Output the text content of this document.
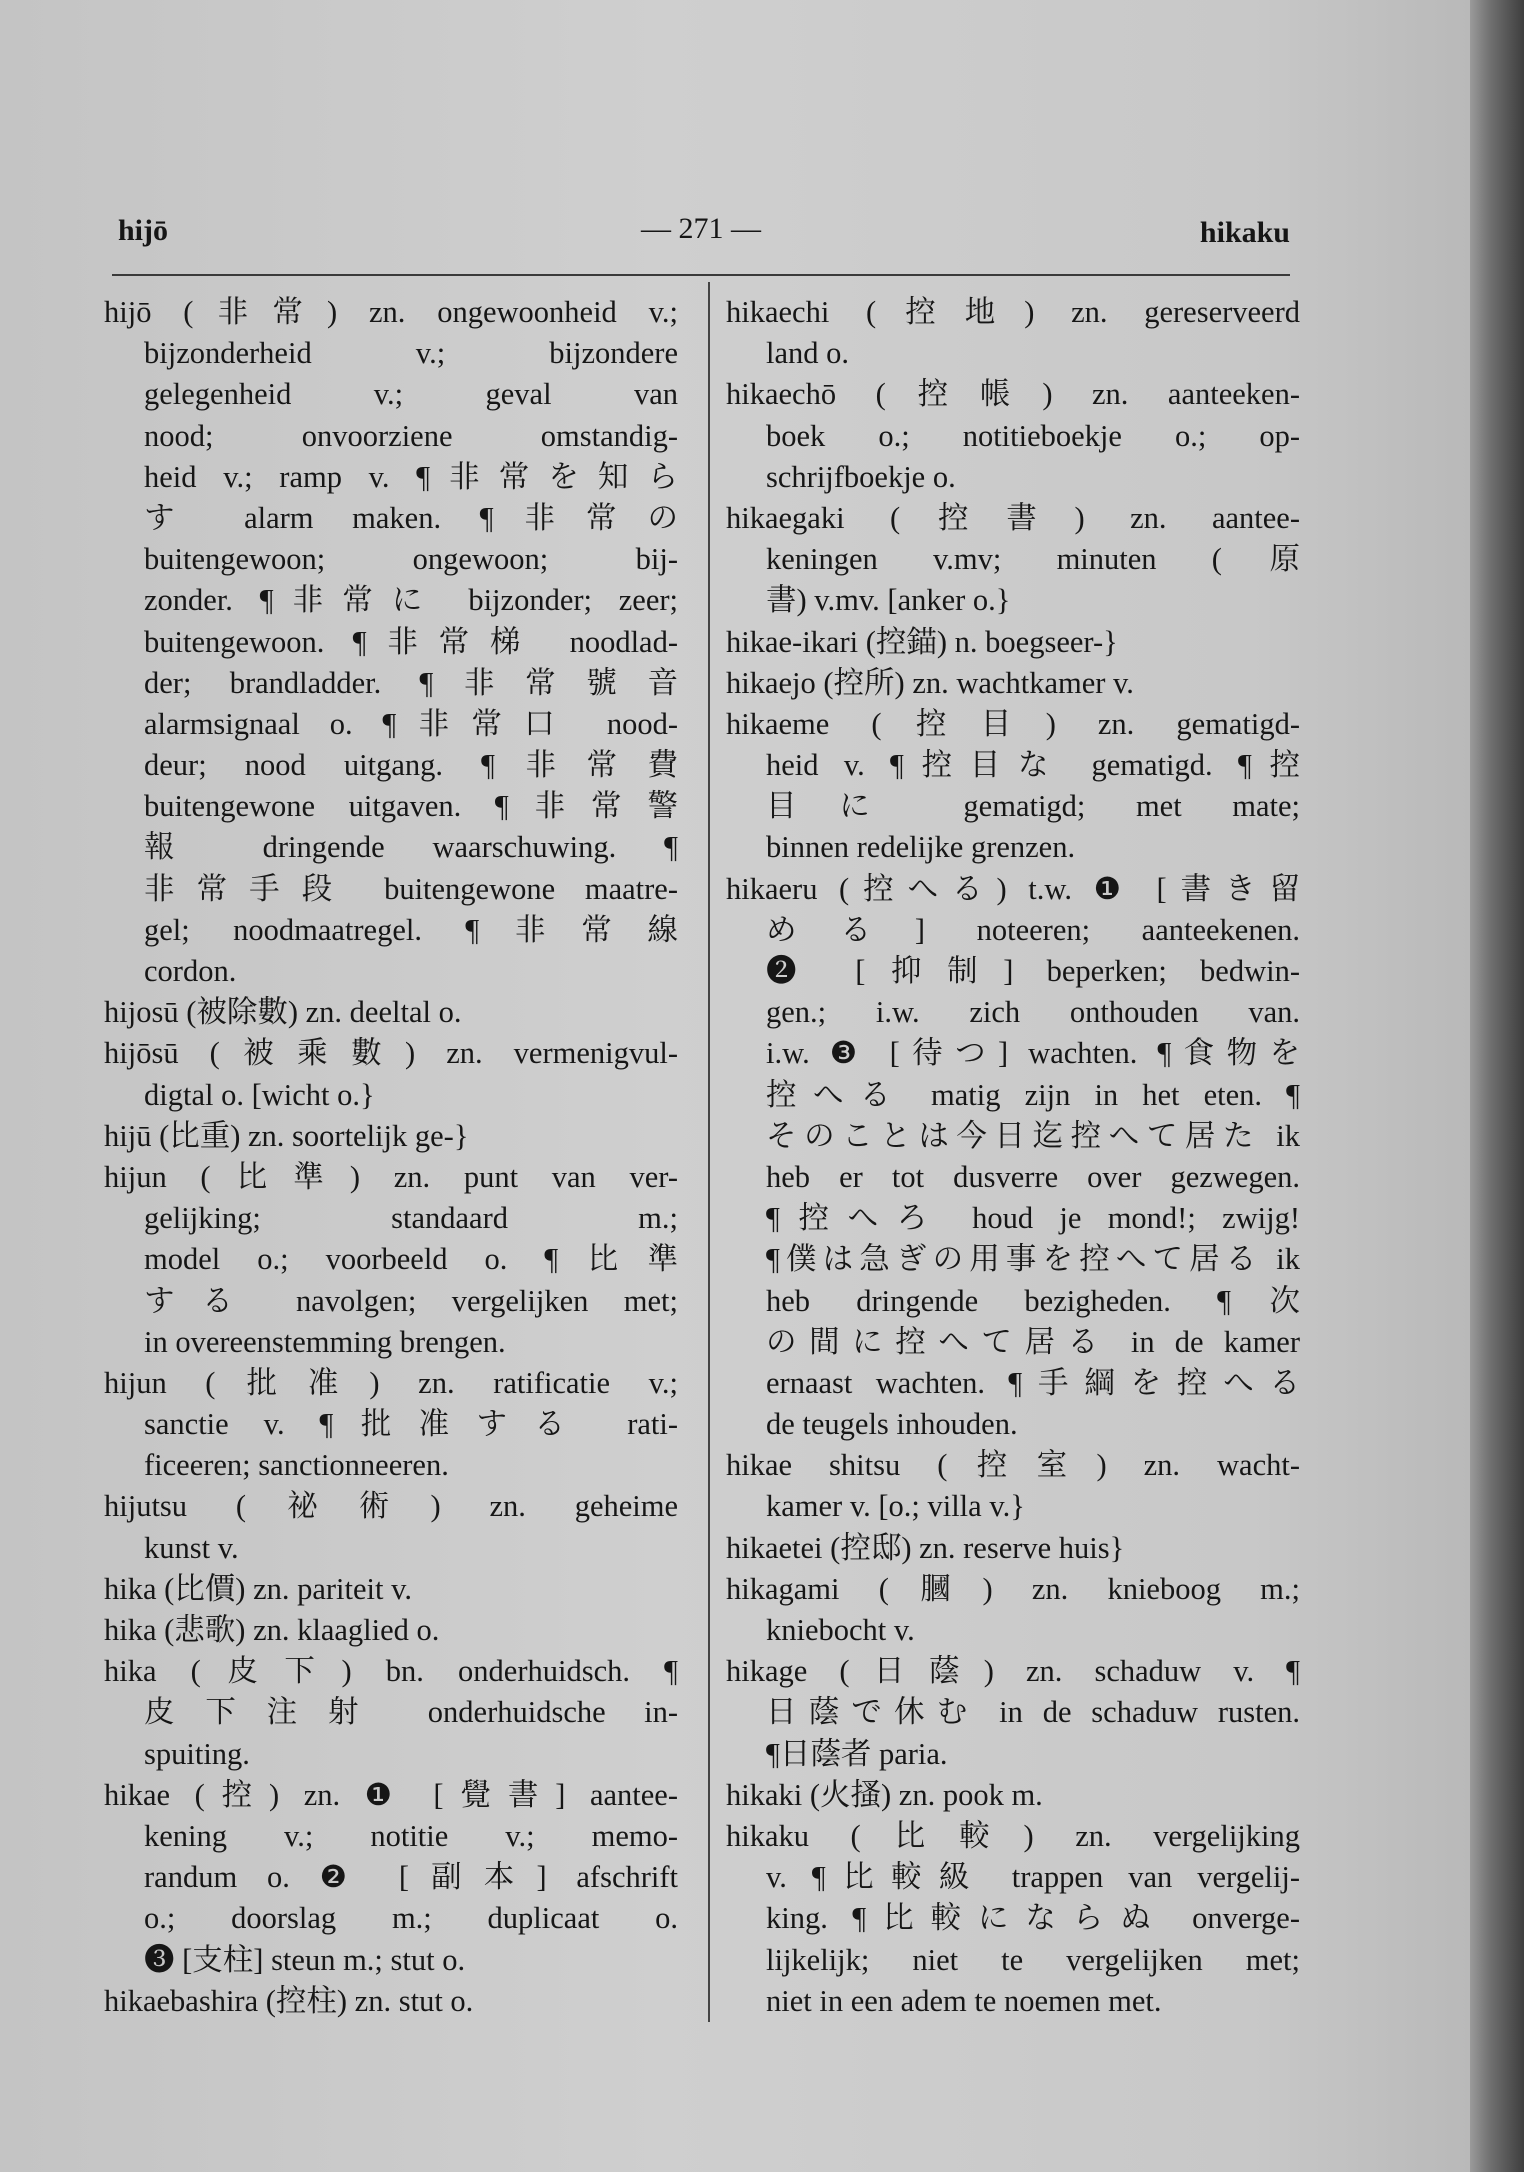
hijō	— 271 —	hikaku
hijō (非常) zn. ongewoonheid v.;
bijzonderheid v.; bijzondere
gelegenheid v.; geval van
nood; onvoorziene omstandig-
heid v.; ramp v. ¶非常を知ら
す alarm maken. ¶非常の
buitengewoon; ongewoon; bij-
zonder. ¶非常に bijzonder; zeer;
buitengewoon. ¶非常梯 noodlad-
der; brandladder. ¶非常號音
alarmsignaal o. ¶非常口 nood-
deur; nood uitgang. ¶非常費
buitengewone uitgaven. ¶非常警
報 dringende waarschuwing. ¶
非常手段 buitengewone maatre-
gel; noodmaatregel. ¶非常線
cordon.
hijosū (被除數) zn. deeltal o.
hijōsū (被乘數) zn. vermenigvul-
digtal o. [wicht o.}
hijū (比重) zn. soortelijk ge-}
hijun (比準) zn. punt van ver-
gelijking; standaard m.;
model o.; voorbeeld o. ¶比準
する navolgen; vergelijken met;
in overeenstemming brengen.
hijun (批准) zn. ratificatie v.;
sanctie v. ¶批准する rati-
ficeeren; sanctionneeren.
hijutsu (祕術) zn. geheime
kunst v.
hika (比價) zn. pariteit v.
hika (悲歌) zn. klaaglied o.
hika (皮下) bn. onderhuidsch. ¶
皮下注射 onderhuidsche in-
spuiting.
hikae (控) zn. ❶ [覺書] aantee-
kening v.; notitie v.; memo-
randum o. ❷ [副本] afschrift
o.; doorslag m.; duplicaat o.
❸ [支柱] steun m.; stut o.
hikaebashira (控柱) zn. stut o.
hikaechi (控地) zn. gereserveerd
land o.
hikaechō (控帳) zn. aanteeken-
boek o.; notitieboekje o.; op-
schrijfboekje o.
hikaegaki (控書) zn. aantee-
keningen v.mv; minuten (原
書) v.mv. [anker o.}
hikae-ikari (控錨) n. boegseer-}
hikaejo (控所) zn. wachtkamer v.
hikaeme (控目) zn. gematigd-
heid v. ¶控目な gematigd. ¶控
目に gematigd; met mate;
binnen redelijke grenzen.
hikaeru (控へる) t.w. ❶ [書き留
める] noteeren; aanteekenen.
❷ [抑制] beperken; bedwin-
gen.; i.w. zich onthouden van.
i.w. ❸ [待つ] wachten. ¶食物を
控へる matig zijn in het eten. ¶
そのことは今日迄控へて居た ik
heb er tot dusverre over gezwegen.
¶控へろ houd je mond!; zwijg!
¶僕は急ぎの用事を控へて居る ik
heb dringende bezigheden. ¶次
の間に控へて居る in de kamer
ernaast wachten. ¶手綱を控へる
de teugels inhouden.
hikae shitsu (控室) zn. wacht-
kamer v. [o.; villa v.}
hikaetei (控邸) zn. reserve huis}
hikagami (膕) zn. knieboog m.;
kniebocht v.
hikage (日蔭) zn. schaduw v. ¶
日蔭で休む in de schaduw rusten.
¶日蔭者 paria.
hikaki (火搔) zn. pook m.
hikaku (比較) zn. vergelijking
v. ¶比較級 trappen van vergelij-
king. ¶比較にならぬ onverge-
lijkelijk; niet te vergelijken met;
niet in een adem te noemen met.
